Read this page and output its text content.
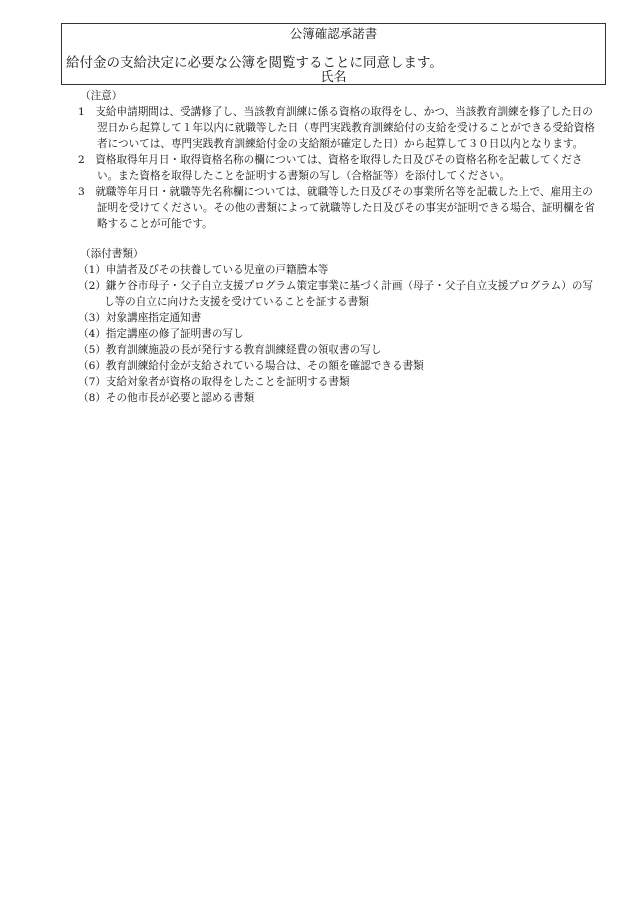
公簿確認承諾書
給付金の支給決定に必要な公簿を閲覧することに同意します。
氏名

（注意）

1　支給申請期間は、受講修了し、当該教育訓練に係る資格の取得をし、かつ、当該教育訓練を修了した日の翌日から起算して１年以内に就職等した日（専門実践教育訓練給付の支給を受けることができる受給資格者については、専門実践教育訓練給付金の支給額が確定した日）から起算して３０日以内となります。

2　資格取得年月日・取得資格名称の欄については、資格を取得した日及びその資格名称を記載してください。また資格を取得したことを証明する書類の写し（合格証等）を添付してください。

3　就職等年月日・就職等先名称欄については、就職等した日及びその事業所名等を記載した上で、雇用主の証明を受けてください。その他の書類によって就職等した日及びその事実が証明できる場合、証明欄を省略することが可能です。

（添付書類）

（1）申請者及びその扶養している児童の戸籍謄本等

（2）鎌ケ谷市母子・父子自立支援プログラム策定事業に基づく計画（母子・父子自立支援プログラム）の写し等の自立に向けた支援を受けていることを証する書類

（3）対象講座指定通知書

（4）指定講座の修了証明書の写し

（5）教育訓練施設の長が発行する教育訓練経費の領収書の写し

（6）教育訓練給付金が支給されている場合は、その額を確認できる書類

（7）支給対象者が資格の取得をしたことを証明する書類

（8）その他市長が必要と認める書類
